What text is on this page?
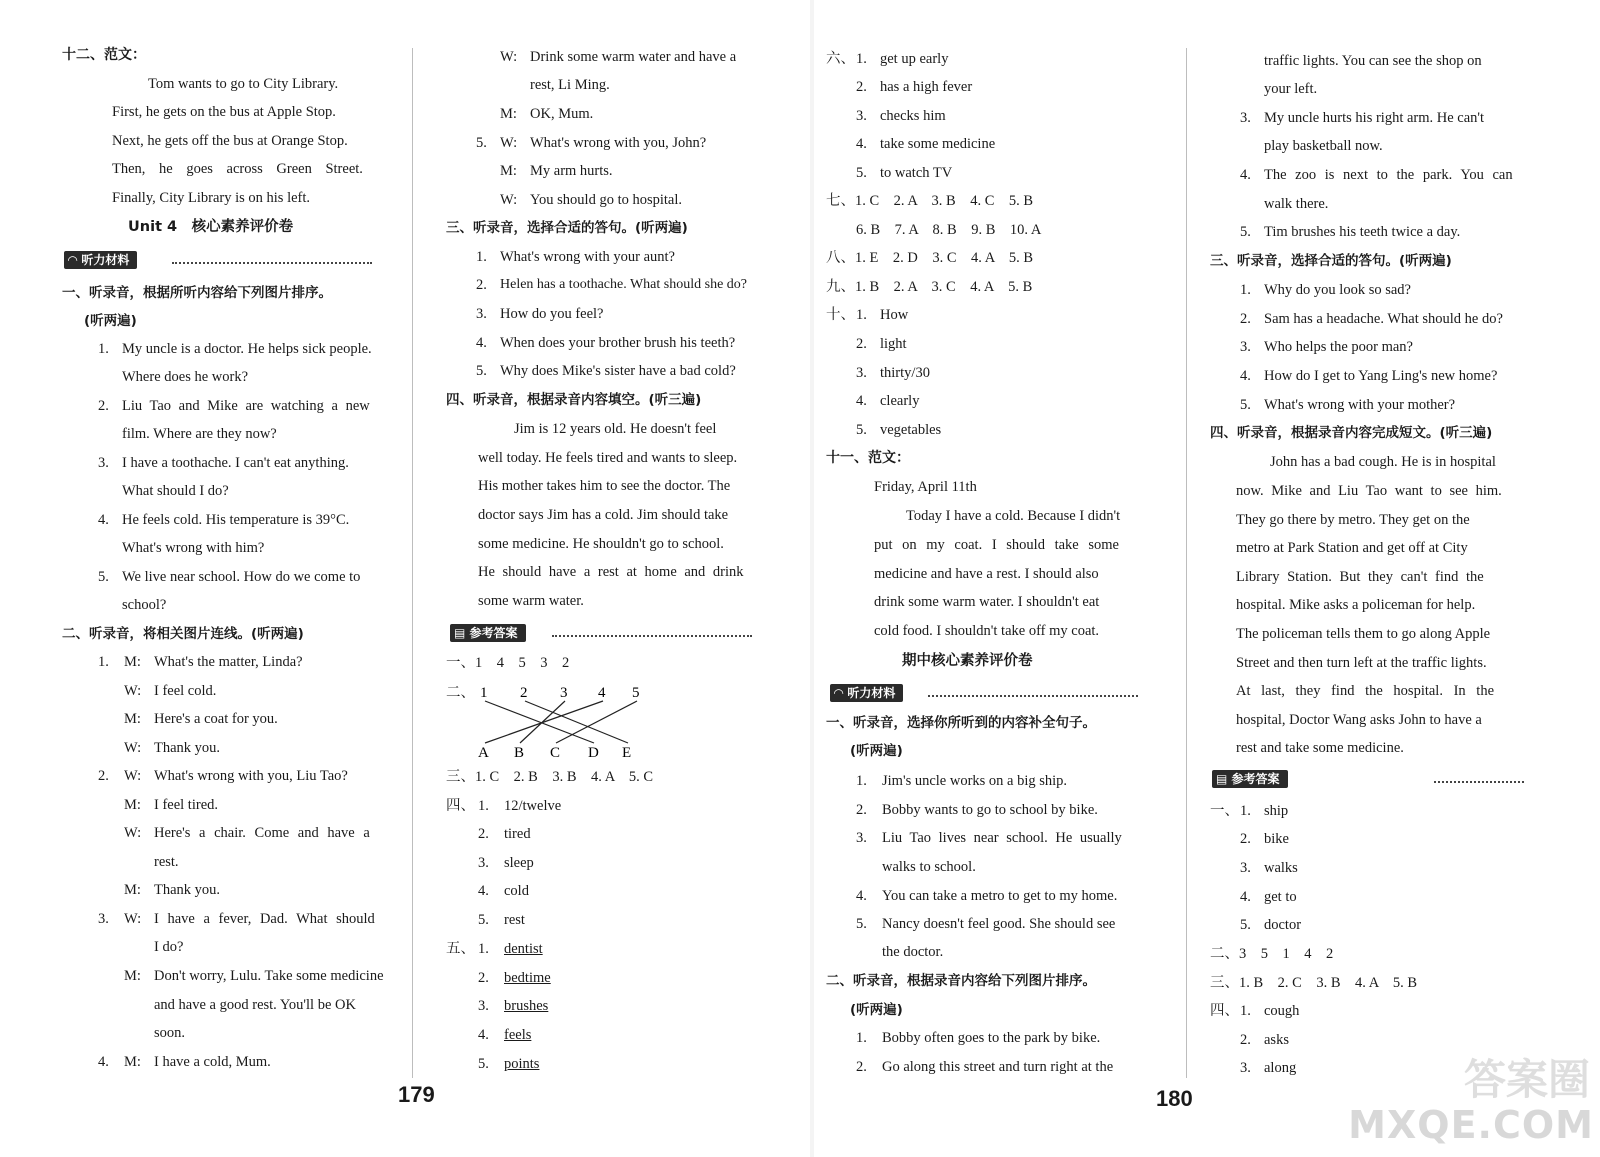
十二、范文：
Tom wants to go to City Library.
First, he gets on the bus at Apple Stop.
Next, he gets off the bus at Orange Stop.
Then, he goes across Green Street.
Finally, City Library is on his left.
Unit 4　核心素养评价卷
◠ 听力材料
一、听录音，根据所听内容给下列图片排序。
(听两遍)
1. My uncle is a doctor. He helps sick people.
Where does he work?
2. Liu Tao and Mike are watching a new
film. Where are they now?
3. I have a toothache. I can't eat anything.
What should I do?
4. He feels cold. His temperature is 39°C.
What's wrong with him?
5. We live near school. How do we come to
school?
二、听录音，将相关图片连线。(听两遍)
1. M: What's the matter, Linda?
W: I feel cold.
M: Here's a coat for you.
W: Thank you.
2. W: What's wrong with you, Liu Tao?
M: I feel tired.
W: Here's a chair. Come and have a
rest.
M: Thank you.
3. W: I have a fever, Dad. What should
I do?
M: Don't worry, Lulu. Take some medicine
and have a good rest. You'll be OK
soon.
4. M: I have a cold, Mum.
179
W: Drink some warm water and have a
rest, Li Ming.
M: OK, Mum.
5. W: What's wrong with you, John?
M: My arm hurts.
W: You should go to hospital.
三、听录音，选择合适的答句。(听两遍)
1. What's wrong with your aunt?
2. Helen has a toothache. What should she do?
3. How do you feel?
4. When does your brother brush his teeth?
5. Why does Mike's sister have a bad cold?
四、听录音，根据录音内容填空。(听三遍)
Jim is 12 years old. He doesn't feel
well today. He feels tired and wants to sleep.
His mother takes him to see the doctor. The
doctor says Jim has a cold. Jim should take
some medicine. He shouldn't go to school.
He should have a rest at home and drink
some warm water.
▤ 参考答案
一、1　4　5　3　2
二、 1 2 3 4 5
A B C D E
三、1. C　2. B　3. B　4. A　5. C
四、 1. 12/twelve
2. tired
3. sleep
4. cold
5. rest
五、 1. dentist
2. bedtime
3. brushes
4. feels
5. points
六、 1. get up early
2. has a high fever
3. checks him
4. take some medicine
5. to watch TV
七、1. C　2. A　3. B　4. C　5. B
6. B　7. A　8. B　9. B　10. A
八、1. E　2. D　3. C　4. A　5. B
九、1. B　2. A　3. C　4. A　5. B
十、 1. How
2. light
3. thirty/30
4. clearly
5. vegetables
十一、范文：
Friday, April 11th
Today I have a cold. Because I didn't
put on my coat. I should take some
medicine and have a rest. I should also
drink some warm water. I shouldn't eat
cold food. I shouldn't take off my coat.
期中核心素养评价卷
◠ 听力材料
一、听录音，选择你所听到的内容补全句子。
(听两遍)
1. Jim's uncle works on a big ship.
2. Bobby wants to go to school by bike.
3. Liu Tao lives near school. He usually
walks to school.
4. You can take a metro to get to my home.
5. Nancy doesn't feel good. She should see
the doctor.
二、听录音，根据录音内容给下列图片排序。
(听两遍)
1. Bobby often goes to the park by bike.
2. Go along this street and turn right at the
180
traffic lights. You can see the shop on
your left.
3. My uncle hurts his right arm. He can't
play basketball now.
4. The zoo is next to the park. You can
walk there.
5. Tim brushes his teeth twice a day.
三、听录音，选择合适的答句。(听两遍)
1. Why do you look so sad?
2. Sam has a headache. What should he do?
3. Who helps the poor man?
4. How do I get to Yang Ling's new home?
5. What's wrong with your mother?
四、听录音，根据录音内容完成短文。(听三遍)
John has a bad cough. He is in hospital
now. Mike and Liu Tao want to see him.
They go there by metro. They get on the
metro at Park Station and get off at City
Library Station. But they can't find the
hospital. Mike asks a policeman for help.
The policeman tells them to go along Apple
Street and then turn left at the traffic lights.
At last, they find the hospital. In the
hospital, Doctor Wang asks John to have a
rest and take some medicine.
▤ 参考答案
一、 1. ship
2. bike
3. walks
4. get to
5. doctor
二、3　5　1　4　2
三、1. B　2. C　3. B　4. A　5. B
四、 1. cough
2. asks
3. along	答案圈
MXQE.COM
